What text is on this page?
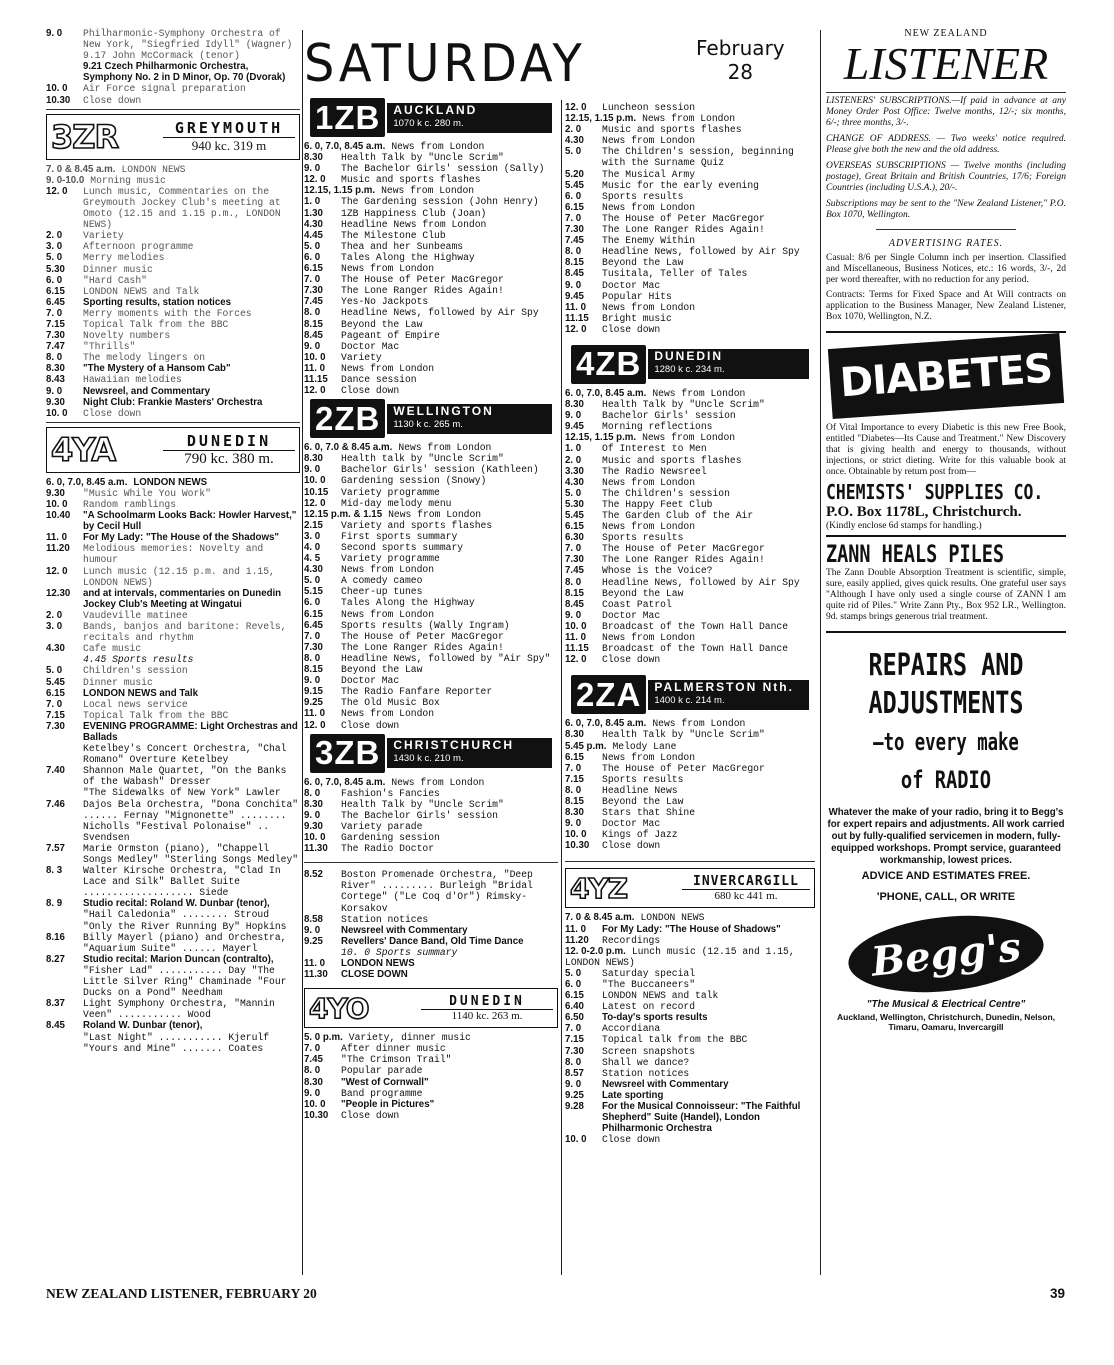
9. 0	Philharmonic-Symphony Orchestra of New York, "Siegfried Idyll" (Wagner)
9.17 John McCormack (tenor)
9.21 Czech Philharmonic Orchestra, Symphony No. 2 in D Minor, Op. 70 (Dvorak)
10. 0	Air Force signal preparation
10.30	Close down
3ZR	GREYMOUTH
940 kc. 319 m
7. 0 & 8.45 a.m. LONDON NEWS
9. 0-10.0 Morning music
12. 0	Lunch music, Commentaries on the Greymouth Jockey Club's meeting at Omoto (12.15 and 1.15 p.m., LONDON NEWS)
2. 0	Variety
3. 0	Afternoon programme
5. 0	Merry melodies
5.30	Dinner music
6. 0	"Hard Cash"
6.15	LONDON NEWS and Talk
6.45	Sporting results, station notices
7. 0	Merry moments with the Forces
7.15	Topical Talk from the BBC
7.30	Novelty numbers
7.47	"Thrills"
8. 0	The melody lingers on
8.30	"The Mystery of a Hansom Cab"
8.43	Hawaiian melodies
9. 0	Newsreel, and Commentary
9.30	Night Club: Frankie Masters' Orchestra
10. 0	Close down
4YA	DUNEDIN
790 kc. 380 m.
6. 0, 7.0, 8.45 a.m. LONDON NEWS
9.30	"Music While You Work"
10. 0	Random ramblings
10.40	"A Schoolmarm Looks Back: Howler Harvest," by Cecil Hull
11. 0	For My Lady: "The House of the Shadows"
11.20	Melodious memories: Novelty and humour
12. 0	Lunch music (12.15 p.m. and 1.15, LONDON NEWS)
12.30	and at intervals, commentaries on Dunedin Jockey Club's Meeting at Wingatui
2. 0	Vaudeville matinee
3. 0	Bands, banjos and baritone: Revels, recitals and rhythm
4.30	Cafe music
4.45 Sports results
5. 0	Children's session
5.45	Dinner music
6.15	LONDON NEWS and Talk
7. 0	Local news service
7.15	Topical Talk from the BBC
7.30	EVENING PROGRAMME: Light Orchestras and Ballads
Ketelbey's Concert Orchestra, "Chal Romano" Overture Ketelbey
7.40	Shannon Male Quartet, "On the Banks of the Wabash" Dresser
"The Sidewalks of New York" Lawler
7.46	Dajos Bela Orchestra, "Dona Conchita" ...... Fernay "Mignonette" ........ Nicholls "Festival Polonaise" .. Svendsen
7.57	Marie Ormston (piano), "Chappell Songs Medley" "Sterling Songs Medley"
8. 3	Walter Kirsche Orchestra, "Clad In Lace and Silk" Ballet Suite ................... Siede
8. 9	Studio recital: Roland W. Dunbar (tenor),
"Hail Caledonia" ........ Stroud "Only the River Running By" Hopkins
8.16	Billy Mayerl (piano) and Orchestra, "Aquarium Suite" ...... Mayerl
8.27	Studio recital: Marion Duncan (contralto),
"Fisher Lad" ........... Day "The Little Silver Ring" Chaminade "Four Ducks on a Pond" Needham
8.37	Light Symphony Orchestra, "Mannin Veen" ........... Wood
8.45	Roland W. Dunbar (tenor),
"Last Night" ........... Kjerulf "Yours and Mine" ....... Coates
SATURDAY	February
28
1ZB AUCKLAND
1070 k c. 280 m.
6. 0, 7.0, 8.45 a.m. News from London
8.30	Health Talk by "Uncle Scrim"
9. 0	The Bachelor Girls' session (Sally)
12. 0	Music and sports flashes
12.15, 1.15 p.m. News from London
1. 0	The Gardening session (John Henry)
1.30	1ZB Happiness Club (Joan)
4.30	Headline News from London
4.45	The Milestone Club
5. 0	Thea and her Sunbeams
6. 0	Tales Along the Highway
6.15	News from London
7. 0	The House of Peter MacGregor
7.30	The Lone Ranger Rides Again!
7.45	Yes-No Jackpots
8. 0	Headline News, followed by Air Spy
8.15	Beyond the Law
8.45	Pageant of Empire
9. 0	Doctor Mac
10. 0	Variety
11. 0	News from London
11.15	Dance session
12. 0	Close down
2ZB WELLINGTON
1130 k c. 265 m.
6. 0, 7.0 & 8.45 a.m. News from London
8.30	Health talk by "Uncle Scrim"
9. 0	Bachelor Girls' session (Kathleen)
10. 0	Gardening session (Snowy)
10.15	Variety programme
12. 0	Mid-day melody menu
12.15 p.m. & 1.15 News from London
2.15	Variety and sports flashes
3. 0	First sports summary
4. 0	Second sports summary
4. 5	Variety programme
4.30	News from London
5. 0	A comedy cameo
5.15	Cheer-up tunes
6. 0	Tales Along the Highway
6.15	News from London
6.45	Sports results (Wally Ingram)
7. 0	The House of Peter MacGregor
7.30	The Lone Ranger Rides Again!
8. 0	Headline News, followed by "Air Spy"
8.15	Beyond the Law
9. 0	Doctor Mac
9.15	The Radio Fanfare Reporter
9.25	The Old Music Box
11. 0	News from London
12. 0	Close down
3ZB CHRISTCHURCH
1430 k c. 210 m.
6. 0, 7.0, 8.45 a.m. News from London
8. 0	Fashion's Fancies
8.30	Health Talk by "Uncle Scrim"
9. 0	The Bachelor Girls' session
9.30	Variety parade
10. 0	Gardening session
11.30	The Radio Doctor
8.52	Boston Promenade Orchestra, "Deep River" ......... Burleigh "Bridal Cortege" ("Le Coq d'Or") Rimsky-Korsakov
8.58	Station notices
9. 0	Newsreel with Commentary
9.25	Revellers' Dance Band, Old Time Dance
10. 0 Sports summary
11. 0	LONDON NEWS
11.30	CLOSE DOWN
4YO	DUNEDIN
1140 kc. 263 m.
5. 0 p.m. Variety, dinner music
7. 0	After dinner music
7.45	"The Crimson Trail"
8. 0	Popular parade
8.30	"West of Cornwall"
9. 0	Band programme
10. 0	"People in Pictures"
10.30	Close down
12. 0	Luncheon session
12.15, 1.15 p.m. News from London
2. 0	Music and sports flashes
4.30	News from London
5. 0	The Children's session, beginning with the Surname Quiz
5.20	The Musical Army
5.45	Music for the early evening
6. 0	Sports results
6.15	News from London
7. 0	The House of Peter MacGregor
7.30	The Lone Ranger Rides Again!
7.45	The Enemy Within
8. 0	Headline News, followed by Air Spy
8.15	Beyond the Law
8.45	Tusitala, Teller of Tales
9. 0	Doctor Mac
9.45	Popular Hits
11. 0	News from London
11.15	Bright music
12. 0	Close down
4ZB DUNEDIN
1280 k c. 234 m.
6. 0, 7.0, 8.45 a.m. News from London
8.30	Health Talk by "Uncle Scrim"
9. 0	Bachelor Girls' session
9.45	Morning reflections
12.15, 1.15 p.m. News from London
1. 0	Of Interest to Men
2. 0	Music and sports flashes
3.30	The Radio Newsreel
4.30	News from London
5. 0	The Children's session
5.30	The Happy Feet Club
5.45	The Garden Club of the Air
6.15	News from London
6.30	Sports results
7. 0	The House of Peter MacGregor
7.30	The Lone Ranger Rides Again!
7.45	Whose is the Voice?
8. 0	Headline News, followed by Air Spy
8.15	Beyond the Law
8.45	Coast Patrol
9. 0	Doctor Mac
10. 0	Broadcast of the Town Hall Dance
11. 0	News from London
11.15	Broadcast of the Town Hall Dance
12. 0	Close down
2ZA PALMERSTON Nth.
1400 k c. 214 m.
6. 0, 7.0, 8.45 a.m. News from London
8.30	Health Talk by "Uncle Scrim"
5.45 p.m. Melody Lane
6.15	News from London
7. 0	The House of Peter MacGregor
7.15	Sports results
8. 0	Headline News
8.15	Beyond the Law
8.30	Stars that Shine
9. 0	Doctor Mac
10. 0	Kings of Jazz
10.30	Close down
4YZ	INVERCARGILL
680 kc 441 m.
7. 0 & 8.45 a.m. LONDON NEWS
11. 0	For My Lady: "The House of Shadows"
11.20	Recordings
12. 0-2.0 p.m. Lunch music (12.15 and 1.15, LONDON NEWS)
5. 0	Saturday special
6. 0	"The Buccaneers"
6.15	LONDON NEWS and talk
6.40	Latest on record
6.50	To-day's sports results
7. 0	Accordiana
7.15	Topical talk from the BBC
7.30	Screen snapshots
8. 0	Shall we dance?
8.57	Station notices
9. 0	Newsreel with Commentary
9.25	Late sporting
9.28	For the Musical Connoisseur: "The Faithful Shepherd" Suite (Handel), London Philharmonic Orchestra
10. 0	Close down
NEW ZEALAND
LISTENER
LISTENERS' SUBSCRIPTIONS.—If paid in advance at any Money Order Post Office: Twelve months, 12/-; six months, 6/-; three months, 3/-.
CHANGE OF ADDRESS. — Two weeks' notice required. Please give both the new and the old address.
OVERSEAS SUBSCRIPTIONS — Twelve months (including postage), Great Britain and British Countries, 17/6; Foreign Countries (including U.S.A.), 20/-.
Subscriptions may be sent to the "New Zealand Listener," P.O. Box 1070, Wellington.
ADVERTISING RATES.
Casual: 8/6 per Single Column inch per insertion. Classified and Miscellaneous, Business Notices, etc.: 16 words, 3/-, 2d per word thereafter, with no reduction for any period.
Contracts: Terms for Fixed Space and At Will contracts on application to the Business Manager, New Zealand Listener, Box 1070, Wellington, N.Z.
DIABETES
Of Vital Importance to every Diabetic is this new Free Book, entitled "Diabetes—Its Cause and Treatment." New Discovery that is giving health and energy to thousands, without injections, or strict dieting. Write for this valuable book at once. Obtainable by return post from—
CHEMISTS' SUPPLIES CO.
P.O. Box 1178L, Christchurch.
(Kindly enclose 6d stamps for handling.)
ZANN HEALS PILES
The Zann Double Absorption Treatment is scientific, simple, sure, easily applied, gives quick results. One grateful user says "Although I have only used a single course of ZANN I am quite rid of Piles." Write Zann Pty., Box 952 LR., Wellington. 9d. stamps brings generous trial treatment.
REPAIRS AND
ADJUSTMENTS
—to every make
of RADIO
Whatever the make of your radio, bring it to Begg's for expert repairs and adjustments. All work carried out by fully-qualified servicemen in modern, fully-equipped workshops. Prompt service, guaranteed workmanship, lowest prices.
ADVICE AND ESTIMATES FREE.
'PHONE, CALL, OR WRITE
Begg's
"The Musical & Electrical Centre"
Auckland, Wellington, Christchurch, Dunedin, Nelson, Timaru, Oamaru, Invercargill
NEW ZEALAND LISTENER, FEBRUARY 20	39
